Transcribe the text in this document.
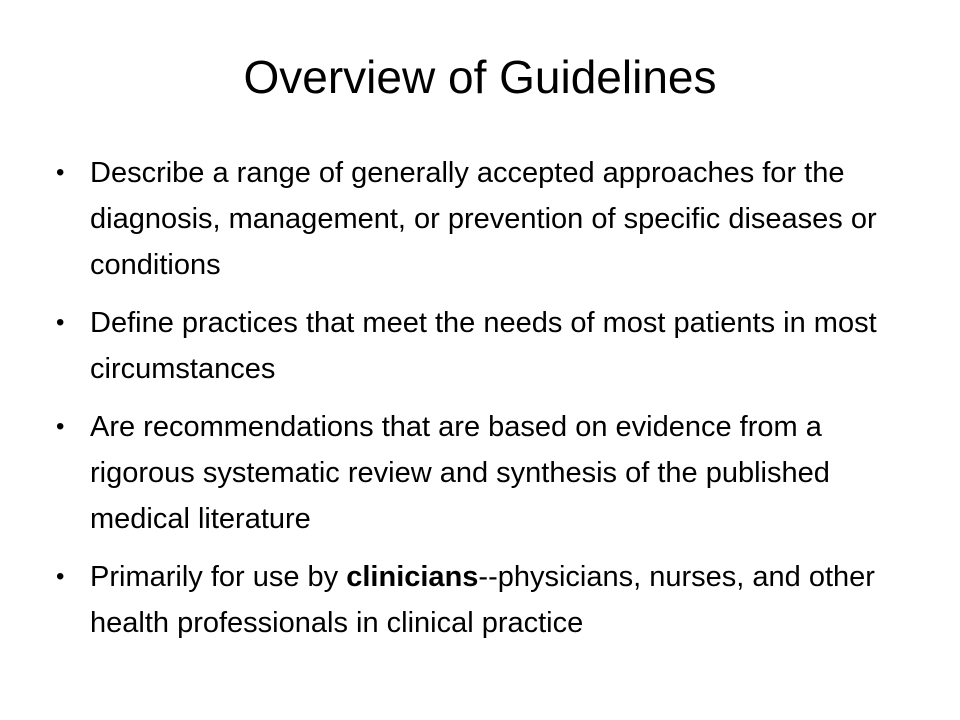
Overview of Guidelines
• Describe a range of generally accepted approaches for the diagnosis, management, or prevention of specific diseases or conditions
• Define practices that meet the needs of most patients in most circumstances
• Are recommendations that are based on evidence from a rigorous systematic review and synthesis of the published medical literature
• Primarily for use by clinicians--physicians, nurses, and other health professionals in clinical practice
